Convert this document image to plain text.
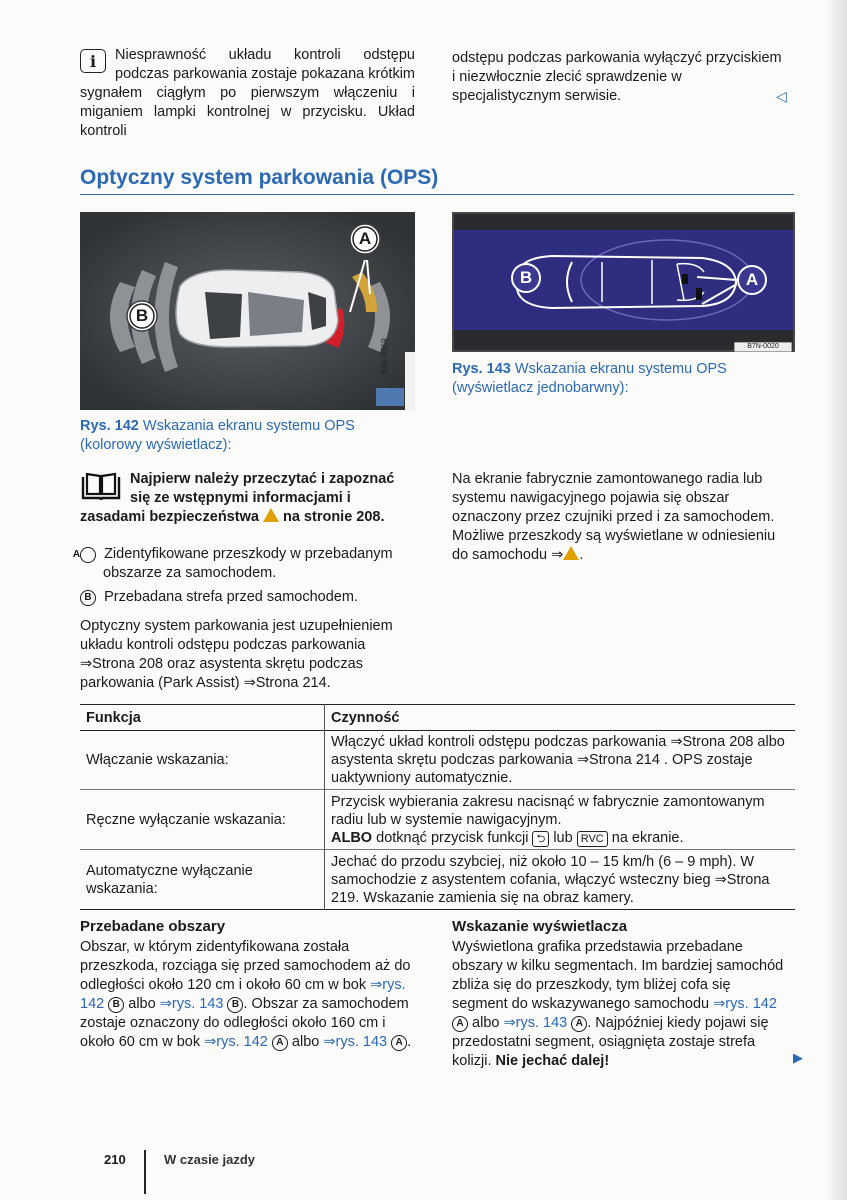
i	Niesprawność układu kontroli odstępu podczas parkowania zostaje pokazana krótkim sygnałem ciągłym po pierwszym włączeniu i miganiem lampki kontrolnej w przycisku. Układ kontroli

odstępu podczas parkowania wyłączyć przyciskiem i niezwłocznie zlecić sprawdzenie w specjalistycznym serwisie.	◁
Optyczny system parkowania (OPS)
A
B
B5K-0369

Rys. 142 Wskazania ekranu systemu OPS (kolorowy wyświetlacz):

B	A
B7N-0020

Rys. 143 Wskazania ekranu systemu OPS (wyświetlacz jednobarwny):

Najpierw należy przeczytać i zapoznać się ze wstępnymi informacjami i zasadami bezpieczeństwa na stronie 208.

A Zidentyfikowane przeszkody w przebadanym obszarze za samochodem.

B Przebadana strefa przed samochodem.

Optyczny system parkowania jest uzupełnieniem układu kontroli odstępu podczas parkowania ⇒Strona 208 oraz asystenta skrętu podczas parkowania (Park Assist) ⇒Strona 214.

Na ekranie fabrycznie zamontowanego radia lub systemu nawigacyjnego pojawia się obszar oznaczony przez czujniki przed i za samochodem. Możliwe przeszkody są wyświetlane w odniesieniu do samochodu ⇒ .

Funkcja	Czynność
Włączanie wskazania:	Włączyć układ kontroli odstępu podczas parkowania ⇒Strona 208 albo asystenta skrętu podczas parkowania ⇒Strona 214 . OPS zostaje uaktywniony automatycznie.
Ręczne wyłączanie wskazania:	Przycisk wybierania zakresu nacisnąć w fabrycznie zamontowanym radiu lub w systemie nawigacyjnym.
ALBO dotknąć przycisk funkcji ⮌ lub RVC na ekranie.
Automatyczne wyłączanie wskazania:	Jechać do przodu szybciej, niż około 10 – 15 km/h (6 – 9 mph). W samochodzie z asystentem cofania, włączyć wsteczny bieg ⇒Strona 219. Wskazanie zamienia się na obraz kamery.
Przebadane obszary

Obszar, w którym zidentyfikowana została przeszkoda, rozciąga się przed samochodem aż do odległości około 120 cm i około 60 cm w bok ⇒rys. 142 B albo ⇒rys. 143 B . Obszar za samochodem zostaje oznaczony do odległości około 160 cm i około 60 cm w bok ⇒rys. 142 A albo ⇒rys. 143 A .

Wskazanie wyświetlacza

Wyświetlona grafika przedstawia przebadane obszary w kilku segmentach. Im bardziej samochód zbliża się do przeszkody, tym bliżej cofa się segment do wskazywanego samochodu ⇒rys. 142 A albo ⇒rys. 143 A . Najpóźniej kiedy pojawi się przedostatni segment, osiągnięta zostaje strefa kolizji. Nie jechać dalej!	▶
210	W czasie jazdy
